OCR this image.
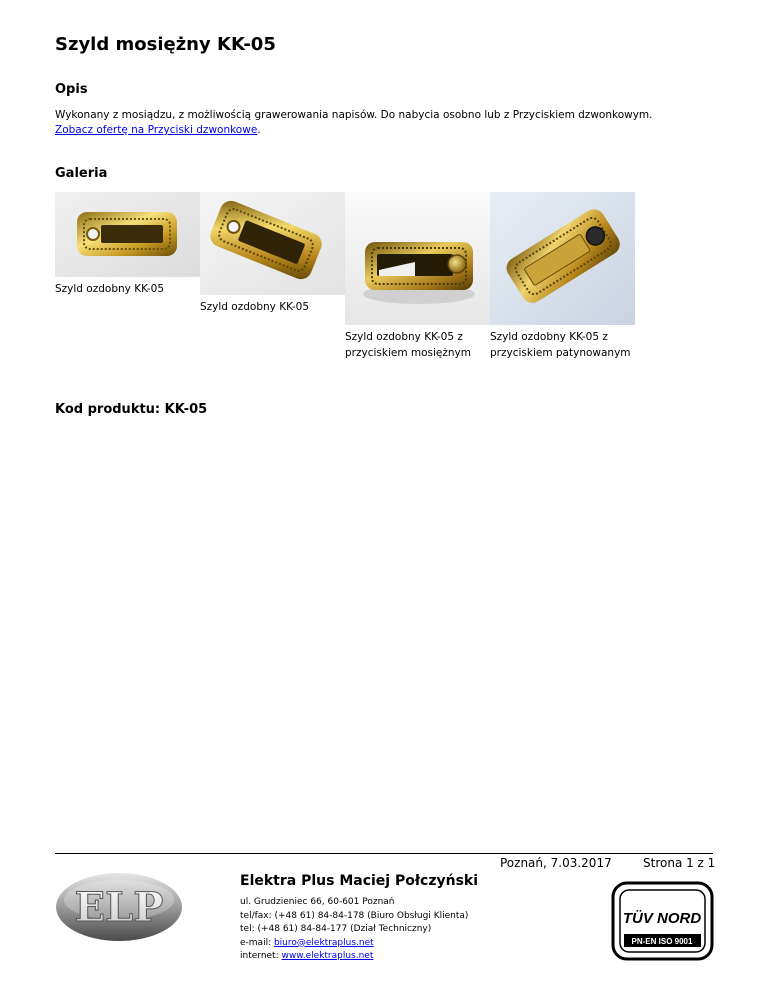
Szyld mosiężny KK-05
Opis
Wykonany z mosiądzu, z możliwością grawerowania napisów. Do nabycia osobno lub z Przyciskiem dzwonkowym.
Zobacz ofertę na Przyciski dzwonkowe.
Galeria
Szyld ozdobny KK-05
Szyld ozdobny KK-05
Szyld ozdobny KK-05 z przyciskiem mosiężnym
Szyld ozdobny KK-05 z przyciskiem patynowanym
Kod produktu: KK-05
Poznań, 7.03.2017	Strona 1 z 1
ELP
Elektra Plus Maciej Połczyński
ul. Grudzieniec 66, 60-601 Poznań
tel/fax: (+48 61) 84-84-178 (Biuro Obsługi Klienta)
tel: (+48 61) 84-84-177 (Dział Techniczny)
e-mail: biuro@elektraplus.net
internet: www.elektraplus.net
TÜV NORD
PN-EN ISO 9001
